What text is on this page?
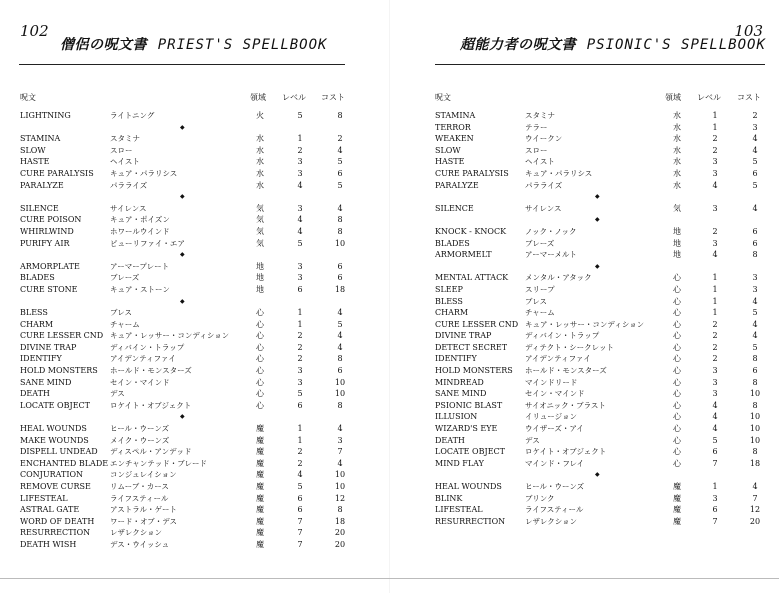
102
僧侶の呪文書 PRIEST'S SPELLBOOK
呪文	領域 レベル コスト
LIGHTNING	ライトニング	火	5	8
◆
STAMINA	スタミナ	水	1	2
SLOW	スロー	水	2	4
HASTE	ヘイスト	水	3	5
CURE PARALYSIS キュア・パラリシス	水	3	6
PARALYZE	パラライズ	水	4	5
◆
SILENCE	サイレンス	気	3	4
CURE POISON	キュア・ポイズン	気	4	8
WHIRLWIND	ホワールウインド	気	4	8
PURIFY AIR	ピューリファイ・エア	気	5	10
◆
ARMORPLATE	アーマープレート	地	3	6
BLADES	ブレーズ	地	3	6
CURE STONE	キュア・ストーン	地	6	18
◆
BLESS	ブレス	心	1	4
CHARM	チャーム	心	1	5
CURE LESSER CND キュア・レッサー・コンディション	心	2	4
DIVINE TRAP	ディバイン・トラップ	心	2	4
IDENTIFY	アイデンティファイ	心	2	8
HOLD MONSTERS ホールド・モンスターズ	心	3	6
SANE MIND	セイン・マインド	心	3	10
DEATH	デス	心	5	10
LOCATE OBJECT	ロケイト・オブジェクト	心	6	8
◆
HEAL WOUNDS	ヒール・ウーンズ	魔	1	4
MAKE WOUNDS	メイク・ウーンズ	魔	1	3
DISPELL UNDEAD ディスペル・アンデッド	魔	2	7
ENCHANTED BLADE エンチャンテッド・ブレード	魔	2	4
CONJURATION	コンジュレイション	魔	4	10
REMOVE CURSE	リムーブ・カース	魔	5	10
LIFESTEAL	ライフスティール	魔	6	12
ASTRAL GATE	アストラル・ゲート	魔	6	8
WORD OF DEATH ワード・オブ・デス	魔	7	18
RESURRECTION	レザレクション	魔	7	20
DEATH WISH	デス・ウイッシュ	魔	7	20
103
超能力者の呪文書 PSIONIC'S SPELLBOOK
呪文	領域 レベル コスト
STAMINA	スタミナ	水	1	2
TERROR	テラー	水	1	3
WEAKEN	ウイークン	水	2	4
SLOW	スロー	水	2	4
HASTE	ヘイスト	水	3	5
CURE PARALYSIS キュア・パラリシス	水	3	6
PARALYZE	パラライズ	水	4	5
◆
SILENCE	サイレンス	気	3	4
◆
KNOCK - KNOCK	ノック・ノック	地	2	6
BLADES	ブレーズ	地	3	6
ARMORMELT	アーマーメルト	地	4	8
◆
MENTAL ATTACK メンタル・アタック	心	1	3
SLEEP	スリープ	心	1	3
BLESS	ブレス	心	1	4
CHARM	チャーム	心	1	5
CURE LESSER CND キュア・レッサー・コンディション	心	2	4
DIVINE TRAP	ディバイン・トラップ	心	2	4
DETECT SECRET ディテクト・シークレット	心	2	5
IDENTIFY	アイデンティファイ	心	2	8
HOLD MONSTERS ホールド・モンスターズ	心	3	6
MINDREAD	マインドリード	心	3	8
SANE MIND	セイン・マインド	心	3	10
PSIONIC BLAST	サイオニック・ブラスト	心	4	8
ILLUSION	イリュージョン	心	4	10
WIZARD'S EYE	ウイザーズ・アイ	心	4	10
DEATH	デス	心	5	10
LOCATE OBJECT	ロケイト・オブジェクト	心	6	8
MIND FLAY	マインド・フレイ	心	7	18
◆
HEAL WOUNDS	ヒール・ウーンズ	魔	1	4
BLINK	ブリンク	魔	3	7
LIFESTEAL	ライフスティール	魔	6	12
RESURRECTION	レザレクション	魔	7	20
